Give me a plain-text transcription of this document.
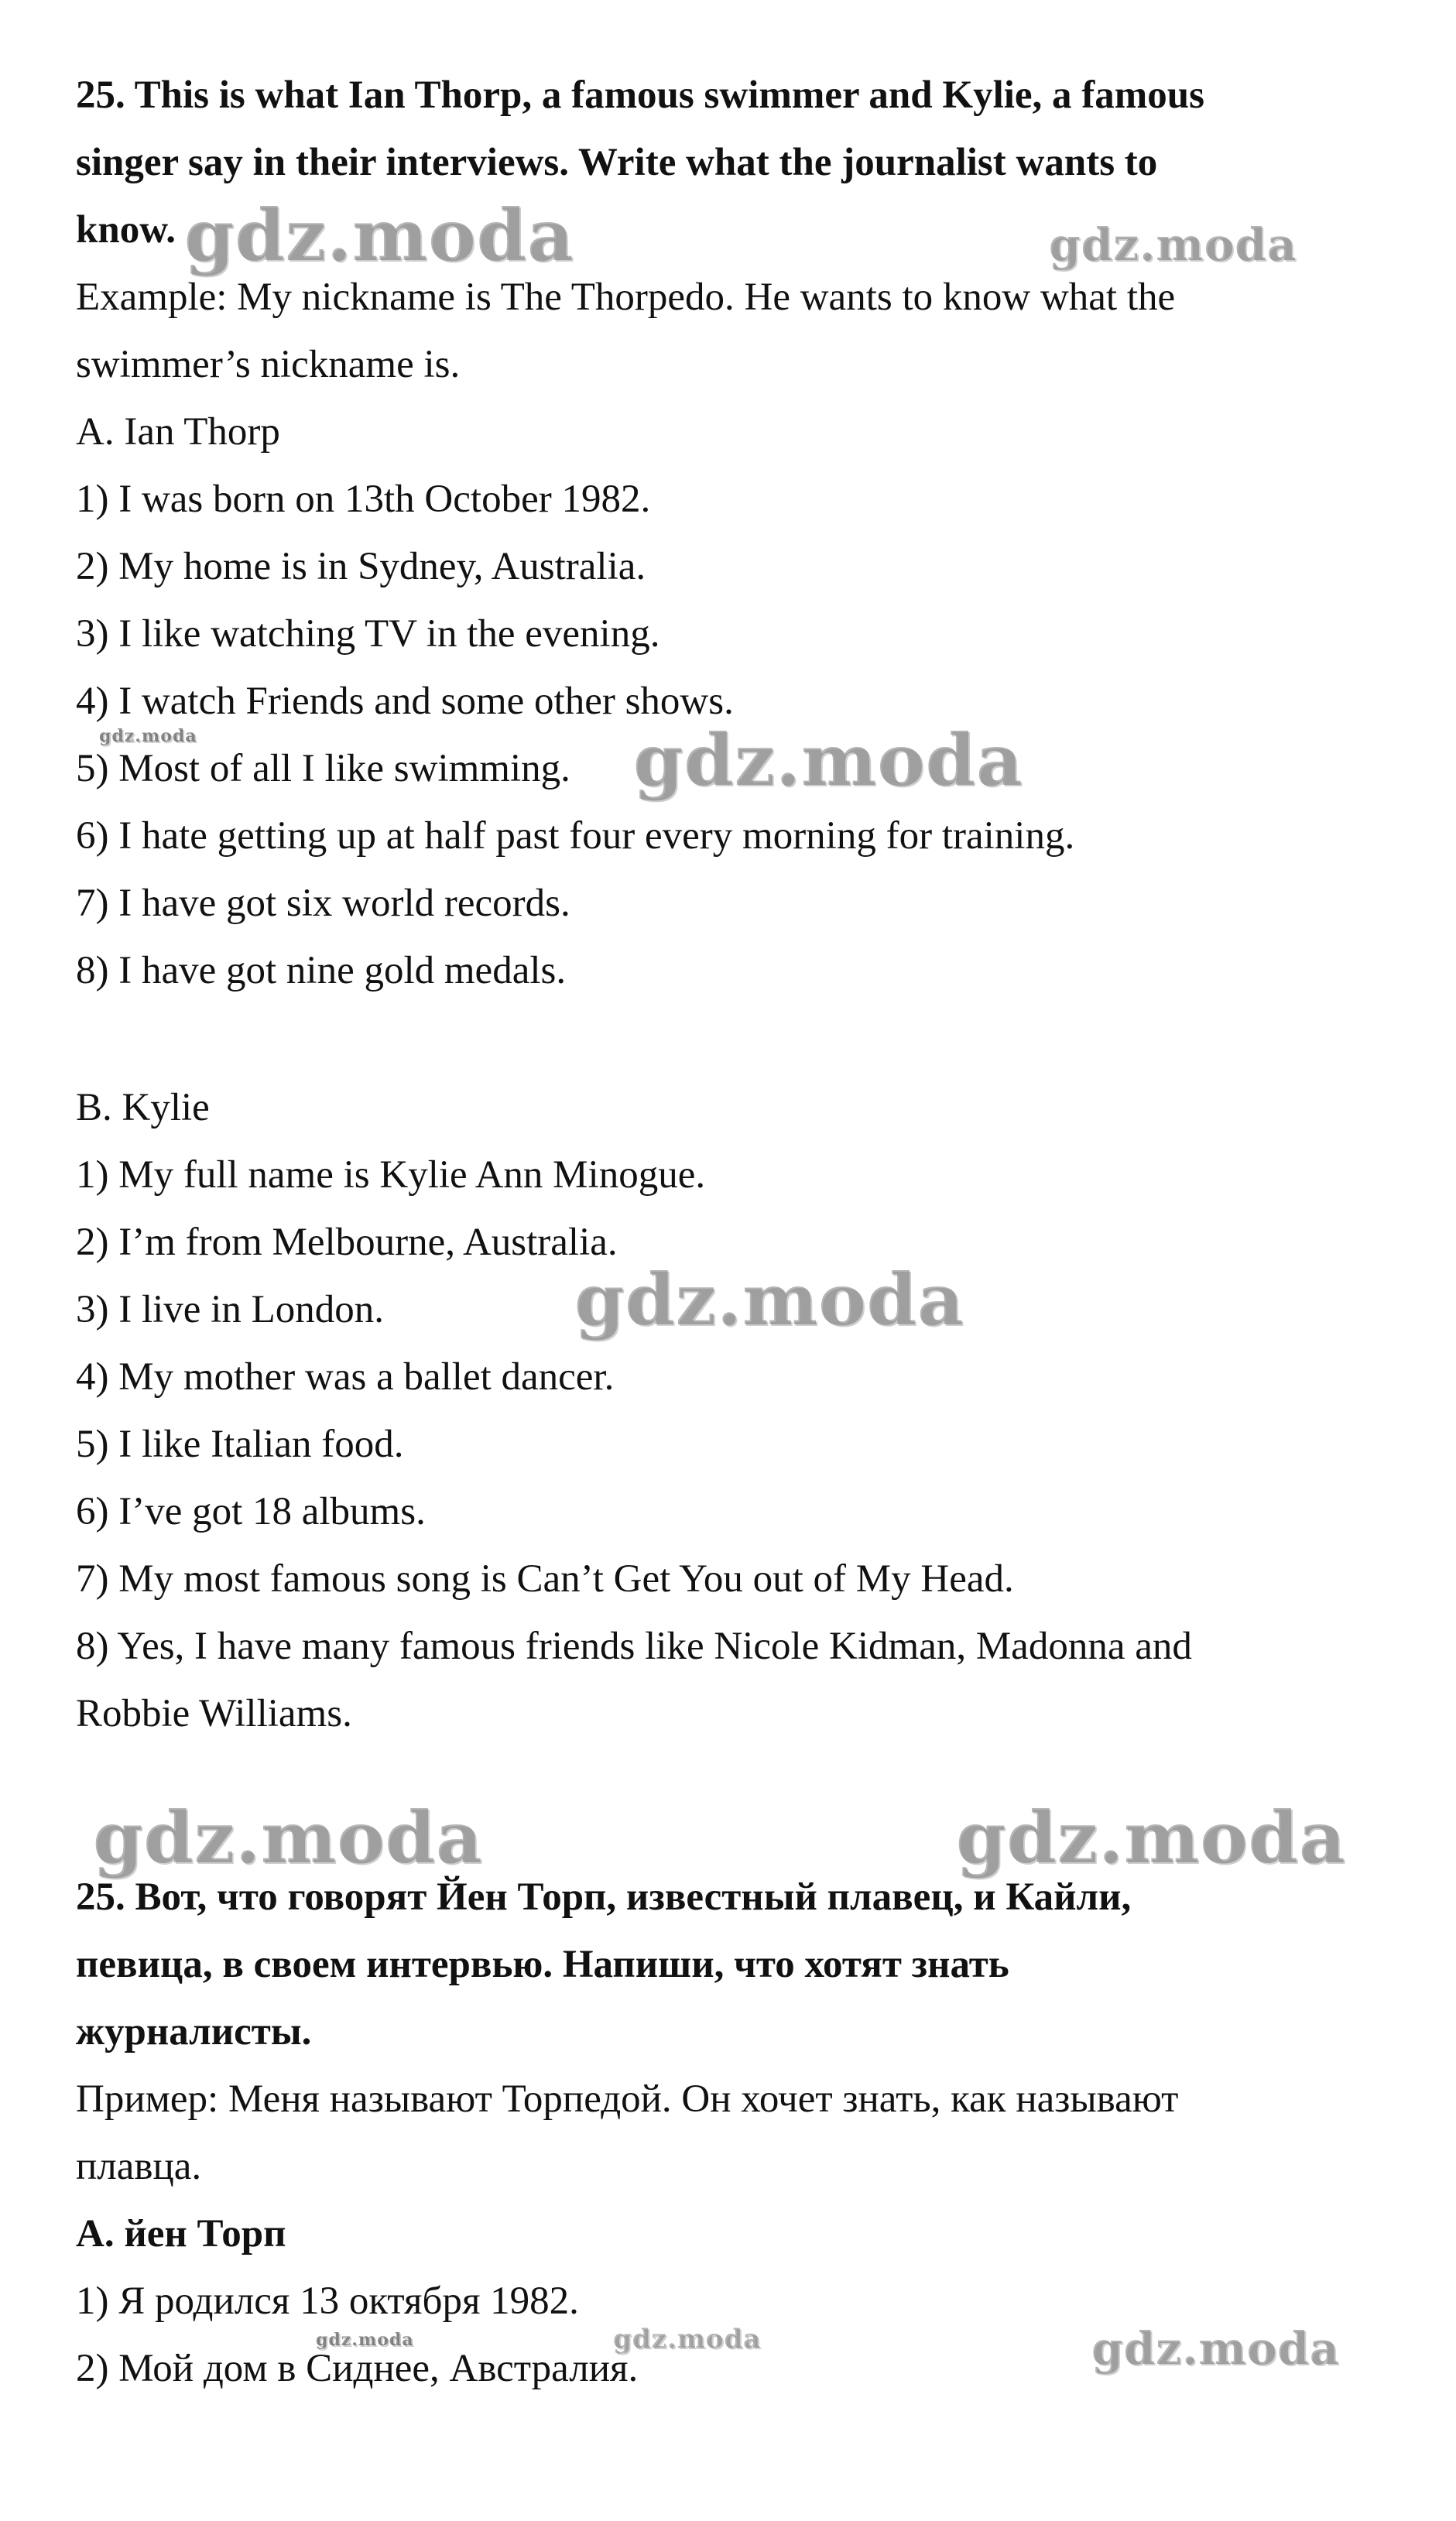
25. This is what Ian Thorp, a famous swimmer and Kylie, a famous

singer say in their interviews. Write what the journalist wants to

know.

Example: My nickname is The Thorpedo. He wants to know what the

swimmer’s nickname is.

A. Ian Thorp

1) I was born on 13th October 1982.

2) My home is in Sydney, Australia.

3) I like watching TV in the evening.

4) I watch Friends and some other shows.

5) Most of all I like swimming.

6) I hate getting up at half past four every morning for training.

7) I have got six world records.

8) I have got nine gold medals.

B. Kylie

1) My full name is Kylie Ann Minogue.

2) I’m from Melbourne, Australia.

3) I live in London.

4) My mother was a ballet dancer.

5) I like Italian food.

6) I’ve got 18 albums.

7) My most famous song is Can’t Get You out of My Head.

8) Yes, I have many famous friends like Nicole Kidman, Madonna and

Robbie Williams.

25. Вот, что говорят Йен Торп, известный плавец, и Кайли,

певица, в своем интервью. Напиши, что хотят знать

журналисты.

Пример: Меня называют Торпедой. Он хочет знать, как называют

плавца.

А. йен Торп

1) Я родился 13 октября 1982.

2) Мой дом в Сиднее, Австралия.

gdz.moda	gdz.moda
gdz.moda	gdz.moda
gdz.moda
gdz.moda	gdz.moda
gdz.moda	gdz.moda	gdz.moda
